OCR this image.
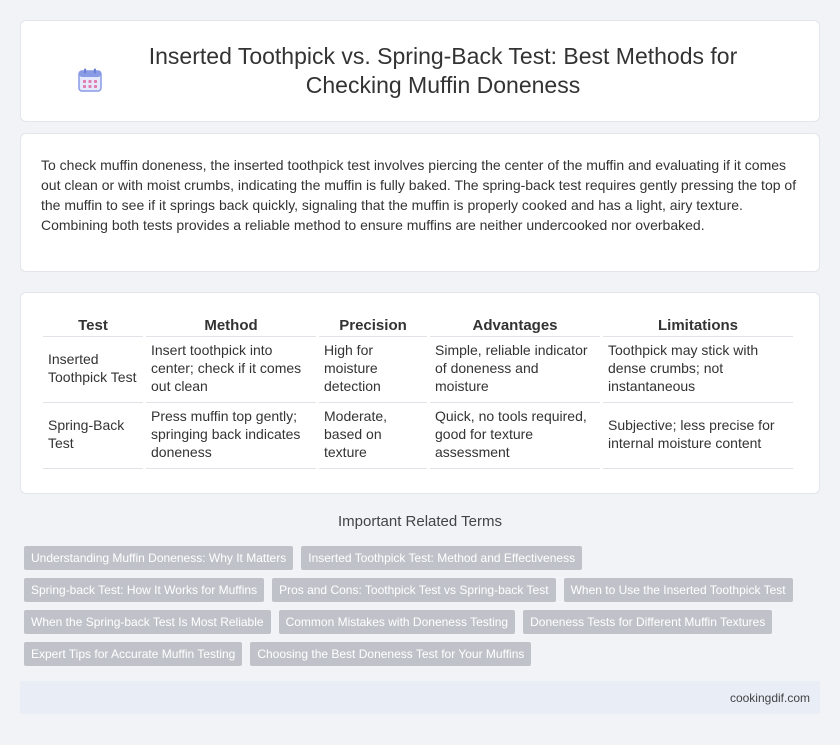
Inserted Toothpick vs. Spring-Back Test: Best Methods for Checking Muffin Doneness

To check muffin doneness, the inserted toothpick test involves piercing the center of the muffin and evaluating if it comes out clean or with moist crumbs, indicating the muffin is fully baked. The spring-back test requires gently pressing the top of the muffin to see if it springs back quickly, signaling that the muffin is properly cooked and has a light, airy texture. Combining both tests provides a reliable method to ensure muffins are neither undercooked nor overbaked.

Test	Method	Precision	Advantages	Limitations
Inserted Toothpick Test	Insert toothpick into center; check if it comes out clean	High for moisture detection	Simple, reliable indicator of doneness and moisture	Toothpick may stick with dense crumbs; not instantaneous
Spring-Back Test	Press muffin top gently; springing back indicates doneness	Moderate, based on texture	Quick, no tools required, good for texture assessment	Subjective; less precise for internal moisture content
Important Related Terms
Understanding Muffin Doneness: Why It Matters	Inserted Toothpick Test: Method and Effectiveness
Spring-back Test: How It Works for Muffins	Pros and Cons: Toothpick Test vs Spring-back Test	When to Use the Inserted Toothpick Test
When the Spring-back Test Is Most Reliable	Common Mistakes with Doneness Testing	Doneness Tests for Different Muffin Textures
Expert Tips for Accurate Muffin Testing	Choosing the Best Doneness Test for Your Muffins
cookingdif.com
